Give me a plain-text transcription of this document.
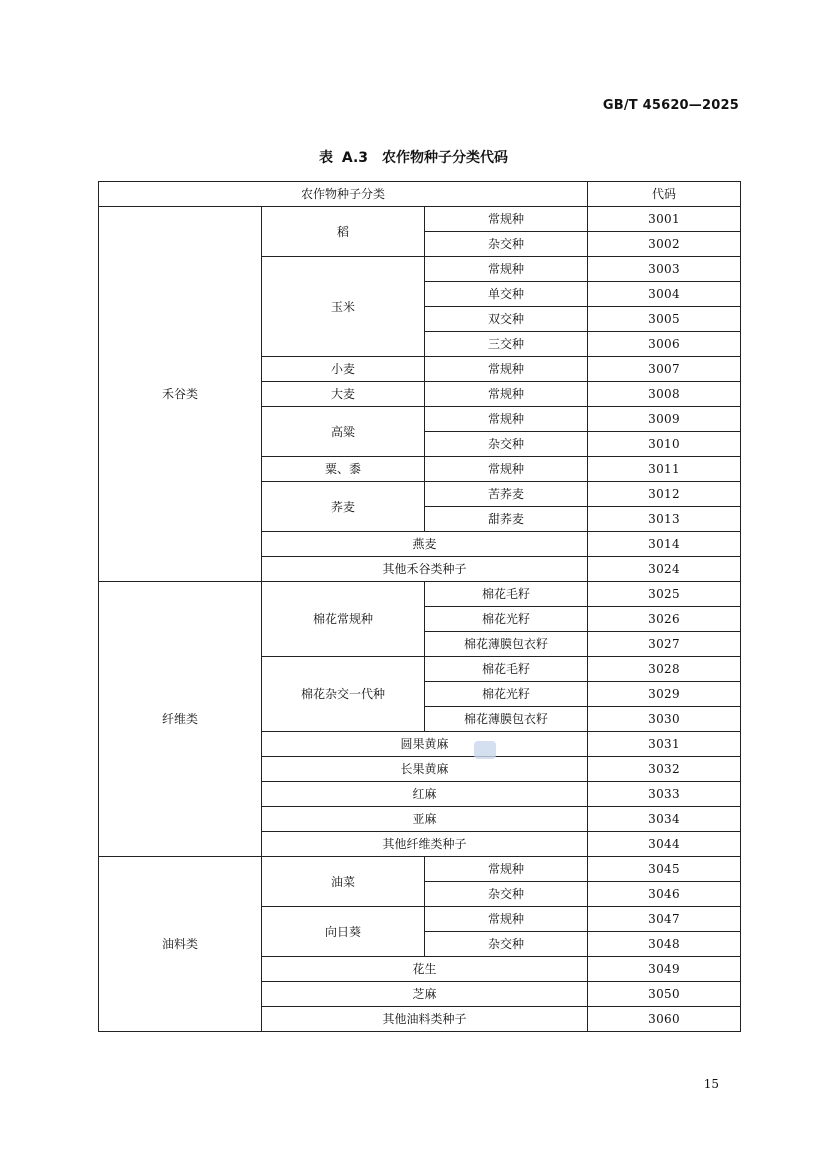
GB/T 45620—2025
表 A.3　农作物种子分类代码
农作物种子分类			代码
禾谷类	稻	常规种	3001
		杂交种	3002
	玉米	常规种	3003
		单交种	3004
		双交种	3005
		三交种	3006
	小麦	常规种	3007
	大麦	常规种	3008
	高粱	常规种	3009
		杂交种	3010
	粟、黍	常规种	3011
	荞麦	苦荞麦	3012
		甜荞麦	3013
	燕麦		3014
	其他禾谷类种子		3024
纤维类	棉花常规种	棉花毛籽	3025
		棉花光籽	3026
		棉花薄膜包衣籽	3027
	棉花杂交一代种	棉花毛籽	3028
		棉花光籽	3029
		棉花薄膜包衣籽	3030
	圆果黄麻		3031
	长果黄麻		3032
	红麻		3033
	亚麻		3034
	其他纤维类种子		3044
油料类	油菜	常规种	3045
		杂交种	3046
	向日葵	常规种	3047
		杂交种	3048
	花生		3049
	芝麻		3050
	其他油料类种子		3060
15
